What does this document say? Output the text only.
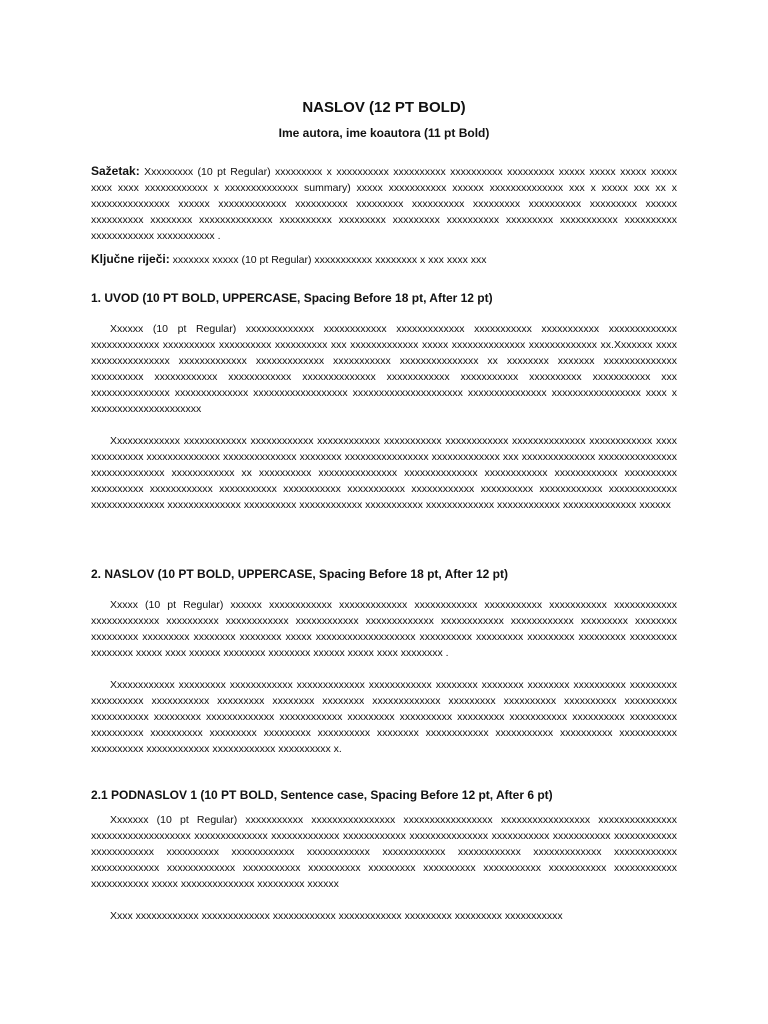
NASLOV (12 PT BOLD)
Ime autora, ime koautora (11 pt Bold)

Sažetak: Xxxxxxxxx (10 pt Regular) xxxxxxxxx x xxxxxxxxxx xxxxxxxxxx xxxxxxxxxx xxxxxxxxx xxxxx xxxxx xxxxx xxxxx xxxx xxxx xxxxxxxxxxxx x xxxxxxxxxxxxxx summary) xxxxx xxxxxxxxxxx xxxxxx xxxxxxxxxxxxxx xxx x xxxxx xxx xx x xxxxxxxxxxxxxxx xxxxxx xxxxxxxxxxxxx xxxxxxxxxx xxxxxxxxx xxxxxxxxxx xxxxxxxxx xxxxxxxxxx xxxxxxxxx xxxxxx xxxxxxxxxx xxxxxxxx xxxxxxxxxxxxxx xxxxxxxxxx xxxxxxxxx xxxxxxxxx xxxxxxxxxx xxxxxxxxx xxxxxxxxxxx xxxxxxxxxx xxxxxxxxxxxx xxxxxxxxxxx .

Ključne riječi: xxxxxxx xxxxx (10 pt Regular) xxxxxxxxxxx xxxxxxxx x xxx xxxx xxx

1. UVOD (10 PT BOLD, UPPERCASE, Spacing Before 18 pt, After 12 pt)

Xxxxxx (10 pt Regular) xxxxxxxxxxxxx xxxxxxxxxxxx xxxxxxxxxxxxx xxxxxxxxxxx xxxxxxxxxxx xxxxxxxxxxxxx xxxxxxxxxxxxx xxxxxxxxxx xxxxxxxxxx xxxxxxxxxx xxx xxxxxxxxxxxxx xxxxx xxxxxxxxxxxxxx xxxxxxxxxxxxx xx.Xxxxxxx xxxx xxxxxxxxxxxxxxx xxxxxxxxxxxxx xxxxxxxxxxxxx xxxxxxxxxxx xxxxxxxxxxxxxxx xx xxxxxxxx xxxxxxx xxxxxxxxxxxxxx xxxxxxxxxx xxxxxxxxxxxx xxxxxxxxxxxx xxxxxxxxxxxxxx xxxxxxxxxxxx xxxxxxxxxxx xxxxxxxxxx xxxxxxxxxxx xxx xxxxxxxxxxxxxxx xxxxxxxxxxxxxx xxxxxxxxxxxxxxxxxx xxxxxxxxxxxxxxxxxxxxx xxxxxxxxxxxxxxx xxxxxxxxxxxxxxxxx xxxx x xxxxxxxxxxxxxxxxxxxxx

Xxxxxxxxxxxxx xxxxxxxxxxxx xxxxxxxxxxxx xxxxxxxxxxxx xxxxxxxxxxx xxxxxxxxxxxx xxxxxxxxxxxxxx xxxxxxxxxxxx xxxx xxxxxxxxxx xxxxxxxxxxxxxx xxxxxxxxxxxxxx xxxxxxxx xxxxxxxxxxxxxxxx xxxxxxxxxxxxx xxx xxxxxxxxxxxxxx xxxxxxxxxxxxxxx xxxxxxxxxxxxxx xxxxxxxxxxxx xx xxxxxxxxxx xxxxxxxxxxxxxxx xxxxxxxxxxxxxx xxxxxxxxxxxx xxxxxxxxxxxx xxxxxxxxxx xxxxxxxxxx xxxxxxxxxxxx xxxxxxxxxxx xxxxxxxxxxx xxxxxxxxxxx xxxxxxxxxxxx xxxxxxxxxx xxxxxxxxxxxx xxxxxxxxxxxxx xxxxxxxxxxxxxx xxxxxxxxxxxxxx xxxxxxxxxx xxxxxxxxxxxx xxxxxxxxxxx xxxxxxxxxxxxx xxxxxxxxxxxx xxxxxxxxxxxxxx xxxxxx

2. NASLOV (10 PT BOLD, UPPERCASE, Spacing Before 18 pt, After 12 pt)

Xxxxx (10 pt Regular) xxxxxx xxxxxxxxxxxx xxxxxxxxxxxxx xxxxxxxxxxxx xxxxxxxxxxx xxxxxxxxxxx xxxxxxxxxxxx xxxxxxxxxxxxx xxxxxxxxxx xxxxxxxxxxxx xxxxxxxxxxxx xxxxxxxxxxxxx xxxxxxxxxxxx xxxxxxxxxxxx xxxxxxxxx xxxxxxxx xxxxxxxxx xxxxxxxxx xxxxxxxx xxxxxxxx xxxxx xxxxxxxxxxxxxxxxxxx xxxxxxxxxx xxxxxxxxx xxxxxxxxx xxxxxxxxx xxxxxxxxx xxxxxxxx xxxxx xxxx xxxxxx xxxxxxxx xxxxxxxx xxxxxx xxxxx xxxx xxxxxxxx .

Xxxxxxxxxxxx xxxxxxxxx xxxxxxxxxxxx xxxxxxxxxxxxx xxxxxxxxxxxx xxxxxxxx xxxxxxxx xxxxxxxx xxxxxxxxxx xxxxxxxxx xxxxxxxxxx xxxxxxxxxxx xxxxxxxxx xxxxxxxx xxxxxxxx xxxxxxxxxxxxx xxxxxxxxx xxxxxxxxxx xxxxxxxxxx xxxxxxxxxx xxxxxxxxxxx xxxxxxxxx xxxxxxxxxxxxx xxxxxxxxxxxx xxxxxxxxx xxxxxxxxxx xxxxxxxxx xxxxxxxxxxx xxxxxxxxxx xxxxxxxxx xxxxxxxxxx xxxxxxxxxx xxxxxxxxx xxxxxxxxx xxxxxxxxxx xxxxxxxx xxxxxxxxxxxx xxxxxxxxxxx xxxxxxxxxx xxxxxxxxxxx xxxxxxxxxx xxxxxxxxxxxx xxxxxxxxxxxx xxxxxxxxxx x.

2.1 PODNASLOV 1 (10 PT BOLD, Sentence case, Spacing Before 12 pt, After 6 pt)

Xxxxxxx (10 pt Regular) xxxxxxxxxxx xxxxxxxxxxxxxxxx xxxxxxxxxxxxxxxxx xxxxxxxxxxxxxxxxx xxxxxxxxxxxxxxx xxxxxxxxxxxxxxxxxxx xxxxxxxxxxxxxx xxxxxxxxxxxxx xxxxxxxxxxxx xxxxxxxxxxxxxxx xxxxxxxxxxx xxxxxxxxxxx xxxxxxxxxxxx xxxxxxxxxxxx xxxxxxxxxx xxxxxxxxxxxx xxxxxxxxxxxx xxxxxxxxxxxx xxxxxxxxxxxx xxxxxxxxxxxxx xxxxxxxxxxxx xxxxxxxxxxxxx xxxxxxxxxxxxx xxxxxxxxxxx xxxxxxxxxx xxxxxxxxx xxxxxxxxxx xxxxxxxxxxx xxxxxxxxxxx xxxxxxxxxxxx xxxxxxxxxxx xxxxx xxxxxxxxxxxxxx xxxxxxxxx xxxxxx

Xxxx xxxxxxxxxxxx xxxxxxxxxxxxx xxxxxxxxxxxx xxxxxxxxxxxx xxxxxxxxx xxxxxxxxx xxxxxxxxxxx
